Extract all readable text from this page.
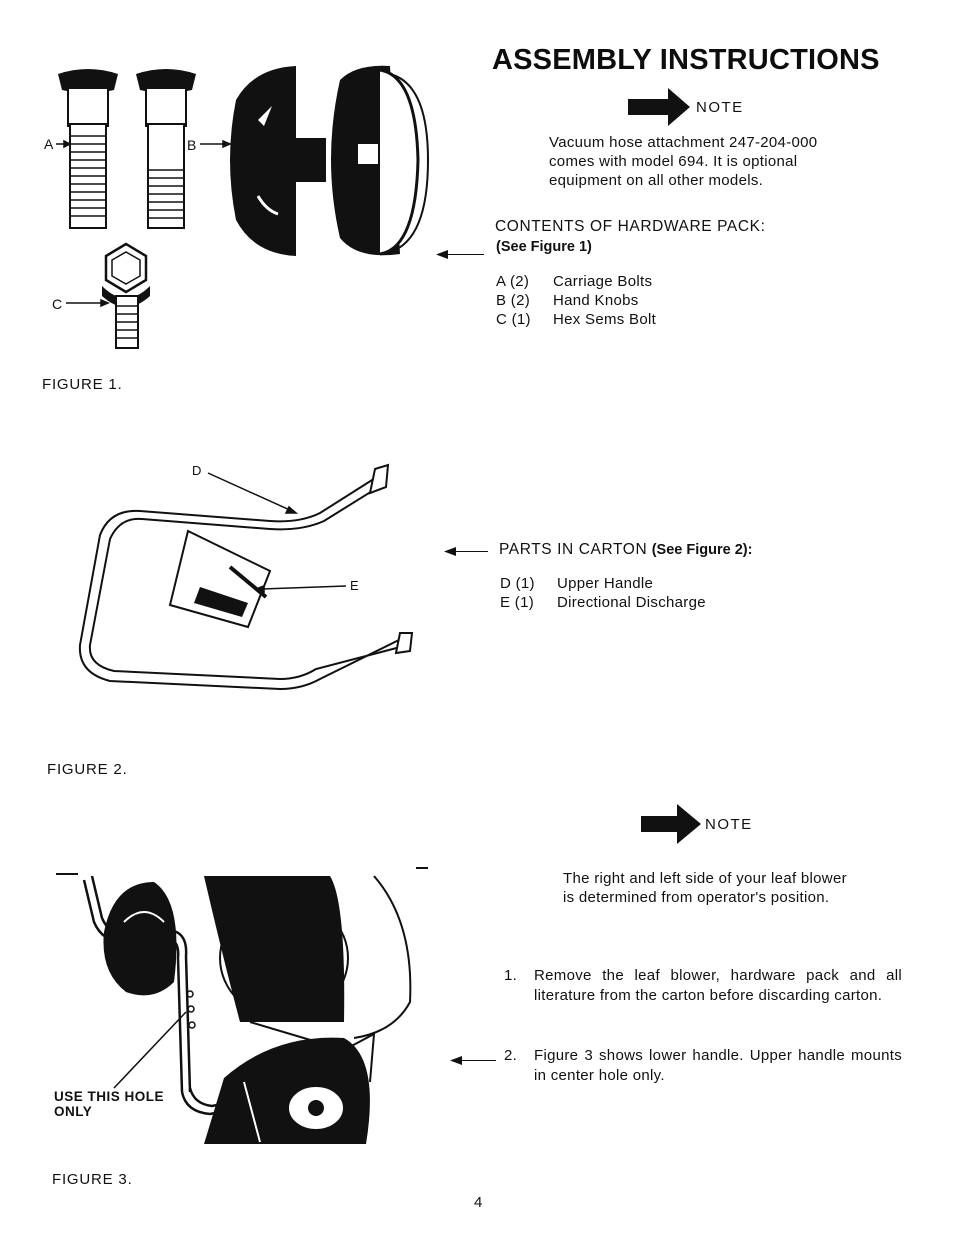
ASSEMBLY INSTRUCTIONS
NOTE
Vacuum hose attachment 247-204-000 comes with model 694. It is optional equipment on all other models.
CONTENTS OF HARDWARE PACK:
(See Figure 1)
A (2)	Carriage Bolts
B (2)	Hand Knobs
C (1)	Hex Sems Bolt
A	B
C
FIGURE 1.
D
E
PARTS IN CARTON (See Figure 2):
D (1)	Upper Handle
E (1)	Directional Discharge
FIGURE 2.
NOTE
The right and left side of your leaf blower is determined from operator's position.
1.	Remove the leaf blower, hardware pack and all literature from the carton before discarding carton.
2.	Figure 3 shows lower handle. Upper handle mounts in center hole only.
USE THIS HOLE ONLY
FIGURE 3.
4
